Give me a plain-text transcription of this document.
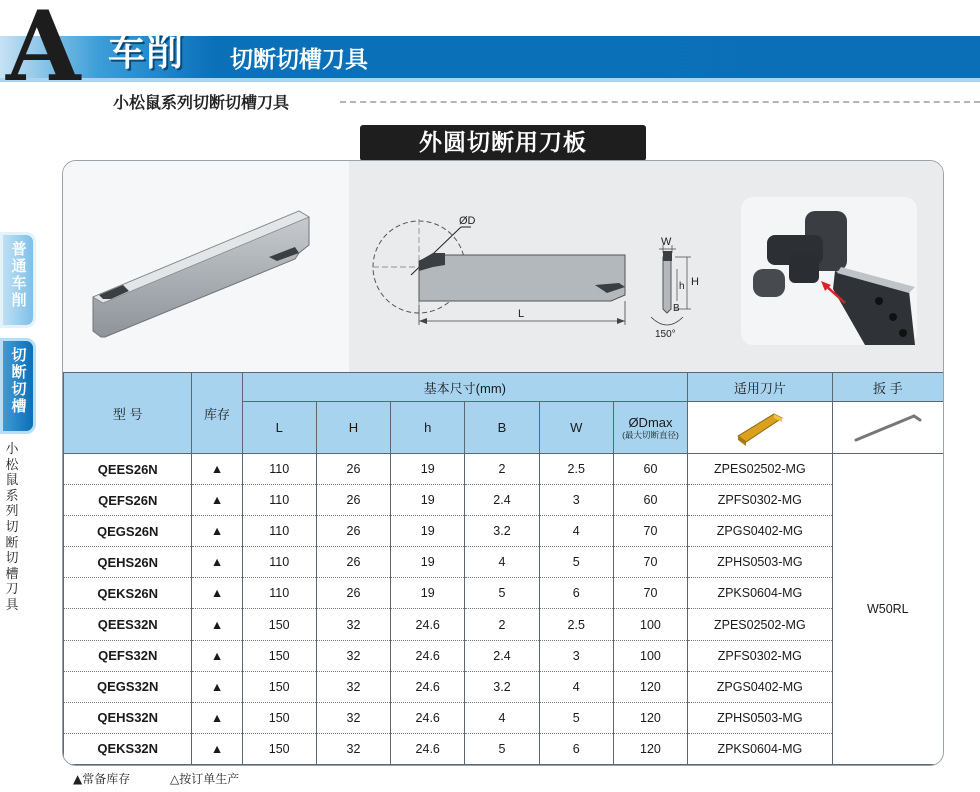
A 车削 切断切槽刀具
小松鼠系列切断切槽刀具
普通车削
切断切槽
小松鼠系列切断切槽刀具
外圆切断用刀板
ØD
L
W
H
h
B
150°
型 号	库存	基本尺寸(mm)						适用刀片	扳 手
		L	H	h	B	W	ØDmax
(最大切断直径)

QEES26N	▲	110	26	19	2	2.5	60	ZPES02502-MG	W50RL
QEFS26N	▲	110	26	19	2.4	3	60	ZPFS0302-MG	
QEGS26N	▲	110	26	19	3.2	4	70	ZPGS0402-MG	
QEHS26N	▲	110	26	19	4	5	70	ZPHS0503-MG	
QEKS26N	▲	110	26	19	5	6	70	ZPKS0604-MG	
QEES32N	▲	150	32	24.6	2	2.5	100	ZPES02502-MG	
QEFS32N	▲	150	32	24.6	2.4	3	100	ZPFS0302-MG	
QEGS32N	▲	150	32	24.6	3.2	4	120	ZPGS0402-MG	
QEHS32N	▲	150	32	24.6	4	5	120	ZPHS0503-MG	
QEKS32N	▲	150	32	24.6	5	6	120	ZPKS0604-MG	
▲常备库存	△按订单生产
